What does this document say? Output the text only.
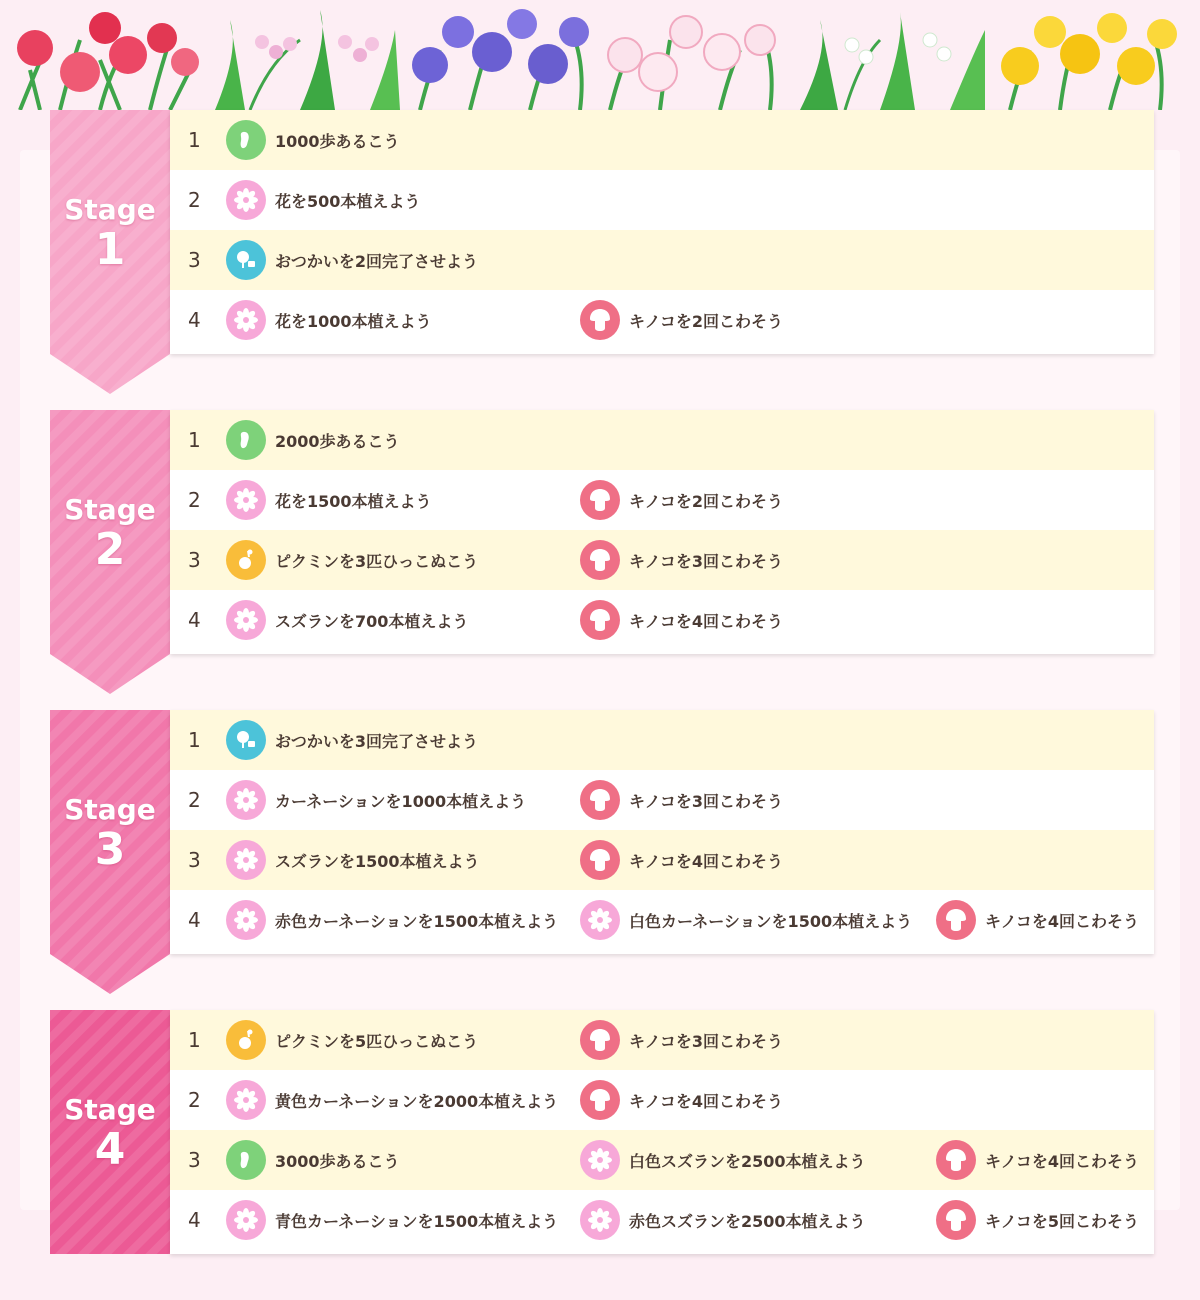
Stage
1
1	1000歩あるこう
2	花を500本植えよう
3	おつかいを2回完了させよう
4	花を1000本植えよう	キノコを2回こわそう
Stage
2
1	2000歩あるこう
2	花を1500本植えよう	キノコを2回こわそう
3	ピクミンを3匹ひっこぬこう	キノコを3回こわそう
4	スズランを700本植えよう	キノコを4回こわそう
Stage
3
1	おつかいを3回完了させよう
2	カーネーションを1000本植えよう	キノコを3回こわそう
3	スズランを1500本植えよう	キノコを4回こわそう
4	赤色カーネーションを1500本植えよう	白色カーネーションを1500本植えよう	キノコを4回こわそう
Stage
4
1	ピクミンを5匹ひっこぬこう	キノコを3回こわそう
2	黄色カーネーションを2000本植えよう	キノコを4回こわそう
3	3000歩あるこう	白色スズランを2500本植えよう	キノコを4回こわそう
4	青色カーネーションを1500本植えよう	赤色スズランを2500本植えよう	キノコを5回こわそう
